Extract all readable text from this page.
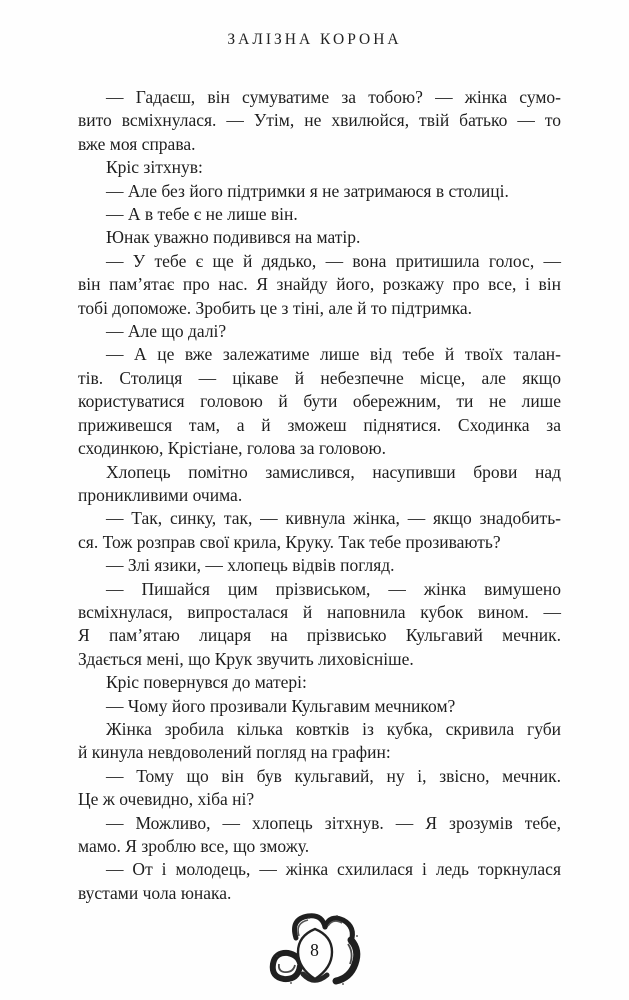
ЗАЛІЗНА КОРОНА

— Гадаєш, він сумуватиме за тобою? — жінка сумо-
вито всміхнулася. — Утім, не хвилюйся, твій батько — то
вже моя справа.

Кріс зітхнув:

— Але без його підтримки я не затримаюся в столиці.

— А в тебе є не лише він.

Юнак уважно подивився на матір.

— У тебе є ще й дядько, — вона притишила голос, —
він пам’ятає про нас. Я знайду його, розкажу про все, і він
тобі допоможе. Зробить це з тіні, але й то підтримка.

— Але що далі?

— А це вже залежатиме лише від тебе й твоїх талан-
тів. Столиця — цікаве й небезпечне місце, але якщо
користуватися головою й бути обережним, ти не лише
приживешся там, а й зможеш піднятися. Сходинка за
сходинкою, Крістіане, голова за головою.

Хлопець помітно замислився, насупивши брови над
проникливими очима.

— Так, синку, так, — кивнула жінка, — якщо знадобить-
ся. Тож розправ свої крила, Круку. Так тебе прозивають?

— Злі язики, — хлопець відвів погляд.

— Пишайся цим прізвиськом, — жінка вимушено
всміхнулася, випросталася й наповнила кубок вином. —
Я пам’ятаю лицаря на прізвисько Кульгавий мечник.
Здається мені, що Крук звучить лиховісніше.

Кріс повернувся до матері:

— Чому його прозивали Кульгавим мечником?

Жінка зробила кілька ковтків із кубка, скривила губи
й кинула невдоволений погляд на графин:

— Тому що він був кульгавий, ну і, звісно, мечник.
Це ж очевидно, хіба ні?

— Можливо, — хлопець зітхнув. — Я зрозумів тебе,
мамо. Я зроблю все, що зможу.

— От і молодець, — жінка схилилася і ледь торкнулася
вустами чола юнака.

8
